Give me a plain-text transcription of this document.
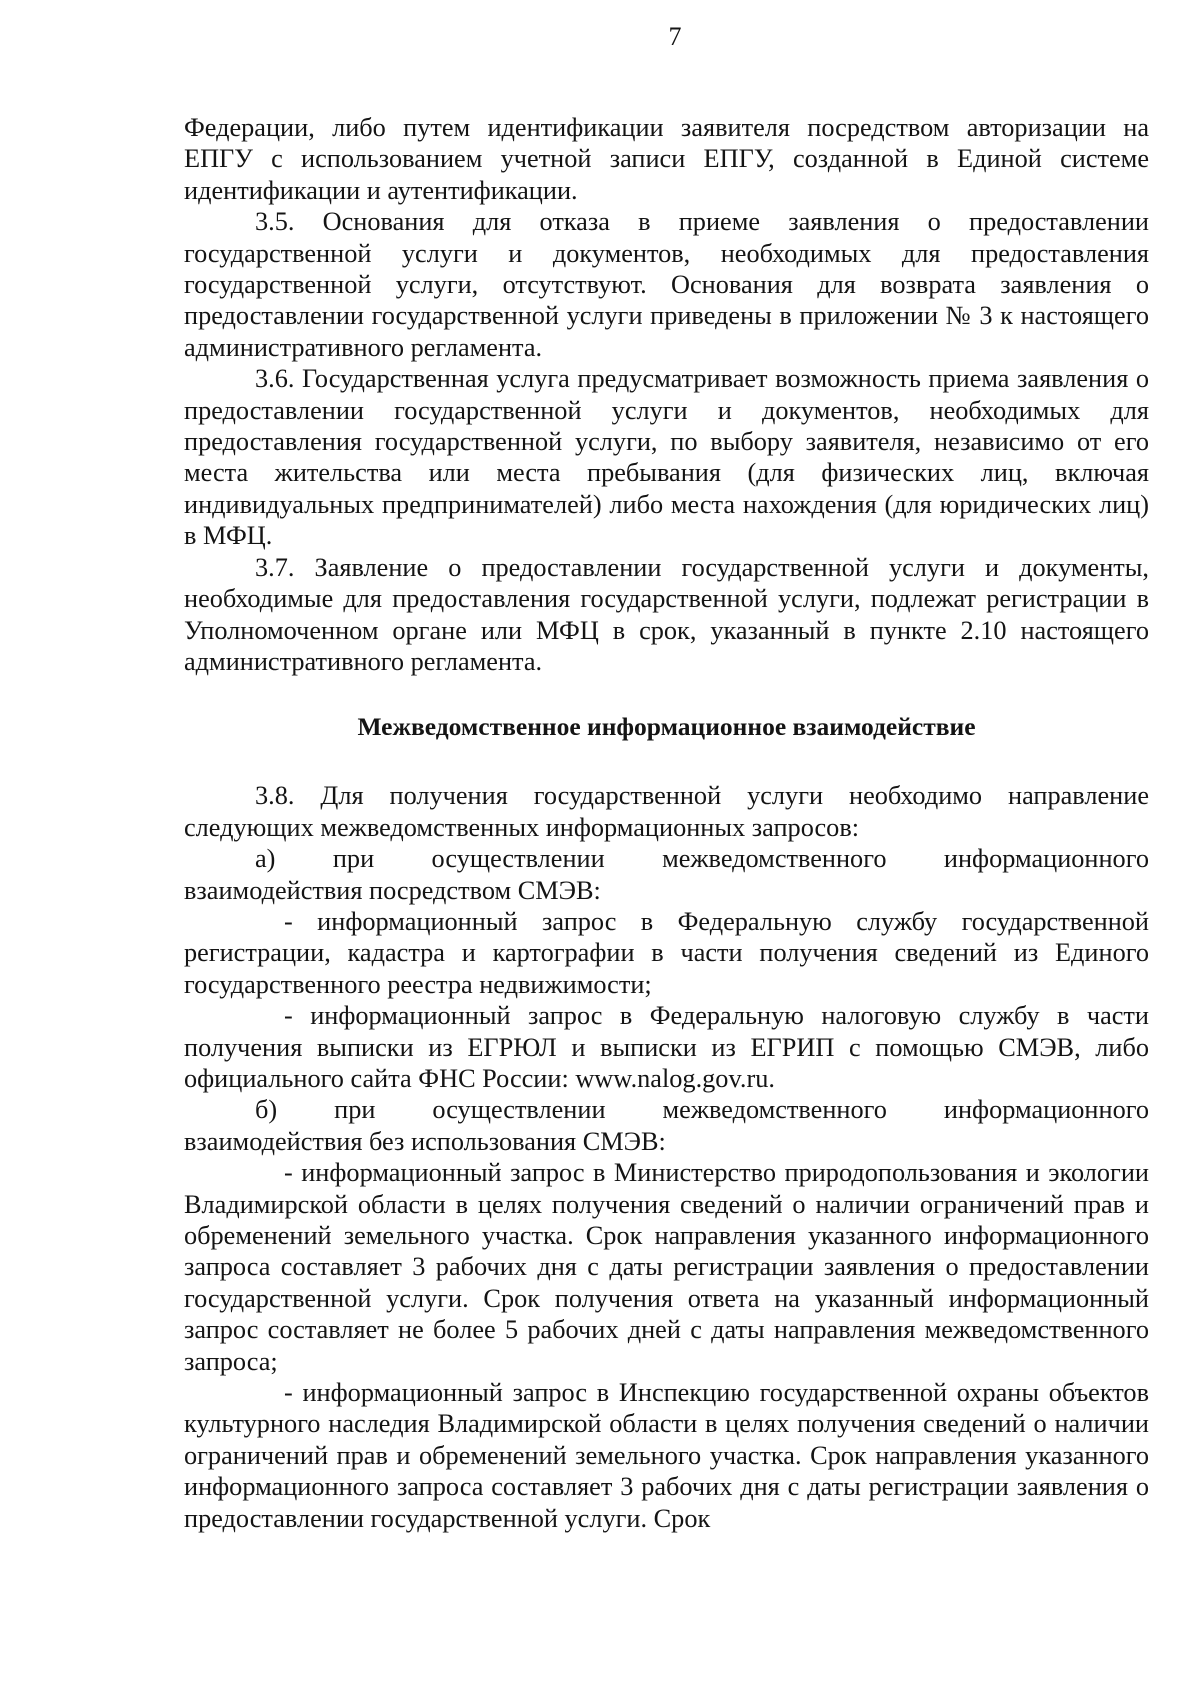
7

Федерации, либо путем идентификации заявителя посредством авторизации на ЕПГУ с использованием учетной записи ЕПГУ, созданной в Единой системе идентификации и аутентификации.

3.5. Основания для отказа в приеме заявления о предоставлении государственной услуги и документов, необходимых для предоставления государственной услуги, отсутствуют. Основания для возврата заявления о предоставлении государственной услуги приведены в приложении № 3 к настоящего административного регламента.

3.6. Государственная услуга предусматривает возможность приема заявления о предоставлении государственной услуги и документов, необходимых для предоставления государственной услуги, по выбору заявителя, независимо от его места жительства или места пребывания (для физических лиц, включая индивидуальных предпринимателей) либо места нахождения (для юридических лиц) в МФЦ.

3.7. Заявление о предоставлении государственной услуги и документы, необходимые для предоставления государственной услуги, подлежат регистрации в Уполномоченном органе или МФЦ в срок, указанный в пункте 2.10 настоящего административного регламента.

Межведомственное информационное взаимодействие

3.8. Для получения государственной услуги необходимо направление следующих межведомственных информационных запросов:

а) при осуществлении межведомственного информационного

взаимодействия посредством СМЭВ:

- информационный запрос в Федеральную службу государственной регистрации, кадастра и картографии в части получения сведений из Единого государственного реестра недвижимости;

- информационный запрос в Федеральную налоговую службу в части получения выписки из ЕГРЮЛ и выписки из ЕГРИП с помощью СМЭВ, либо официального сайта ФНС России: www.nalog.gov.ru.

б) при осуществлении межведомственного информационного

взаимодействия без использования СМЭВ:

- информационный запрос в Министерство природопользования и экологии Владимирской области в целях получения сведений о наличии ограничений прав и обременений земельного участка. Срок направления указанного информационного запроса составляет 3 рабочих дня с даты регистрации заявления о предоставлении государственной услуги. Срок получения ответа на указанный информационный запрос составляет не более 5 рабочих дней с даты направления межведомственного запроса;

- информационный запрос в Инспекцию государственной охраны объектов культурного наследия Владимирской области в целях получения сведений о наличии ограничений прав и обременений земельного участка. Срок направления указанного информационного запроса составляет 3 рабочих дня с даты регистрации заявления о предоставлении государственной услуги. Срок
